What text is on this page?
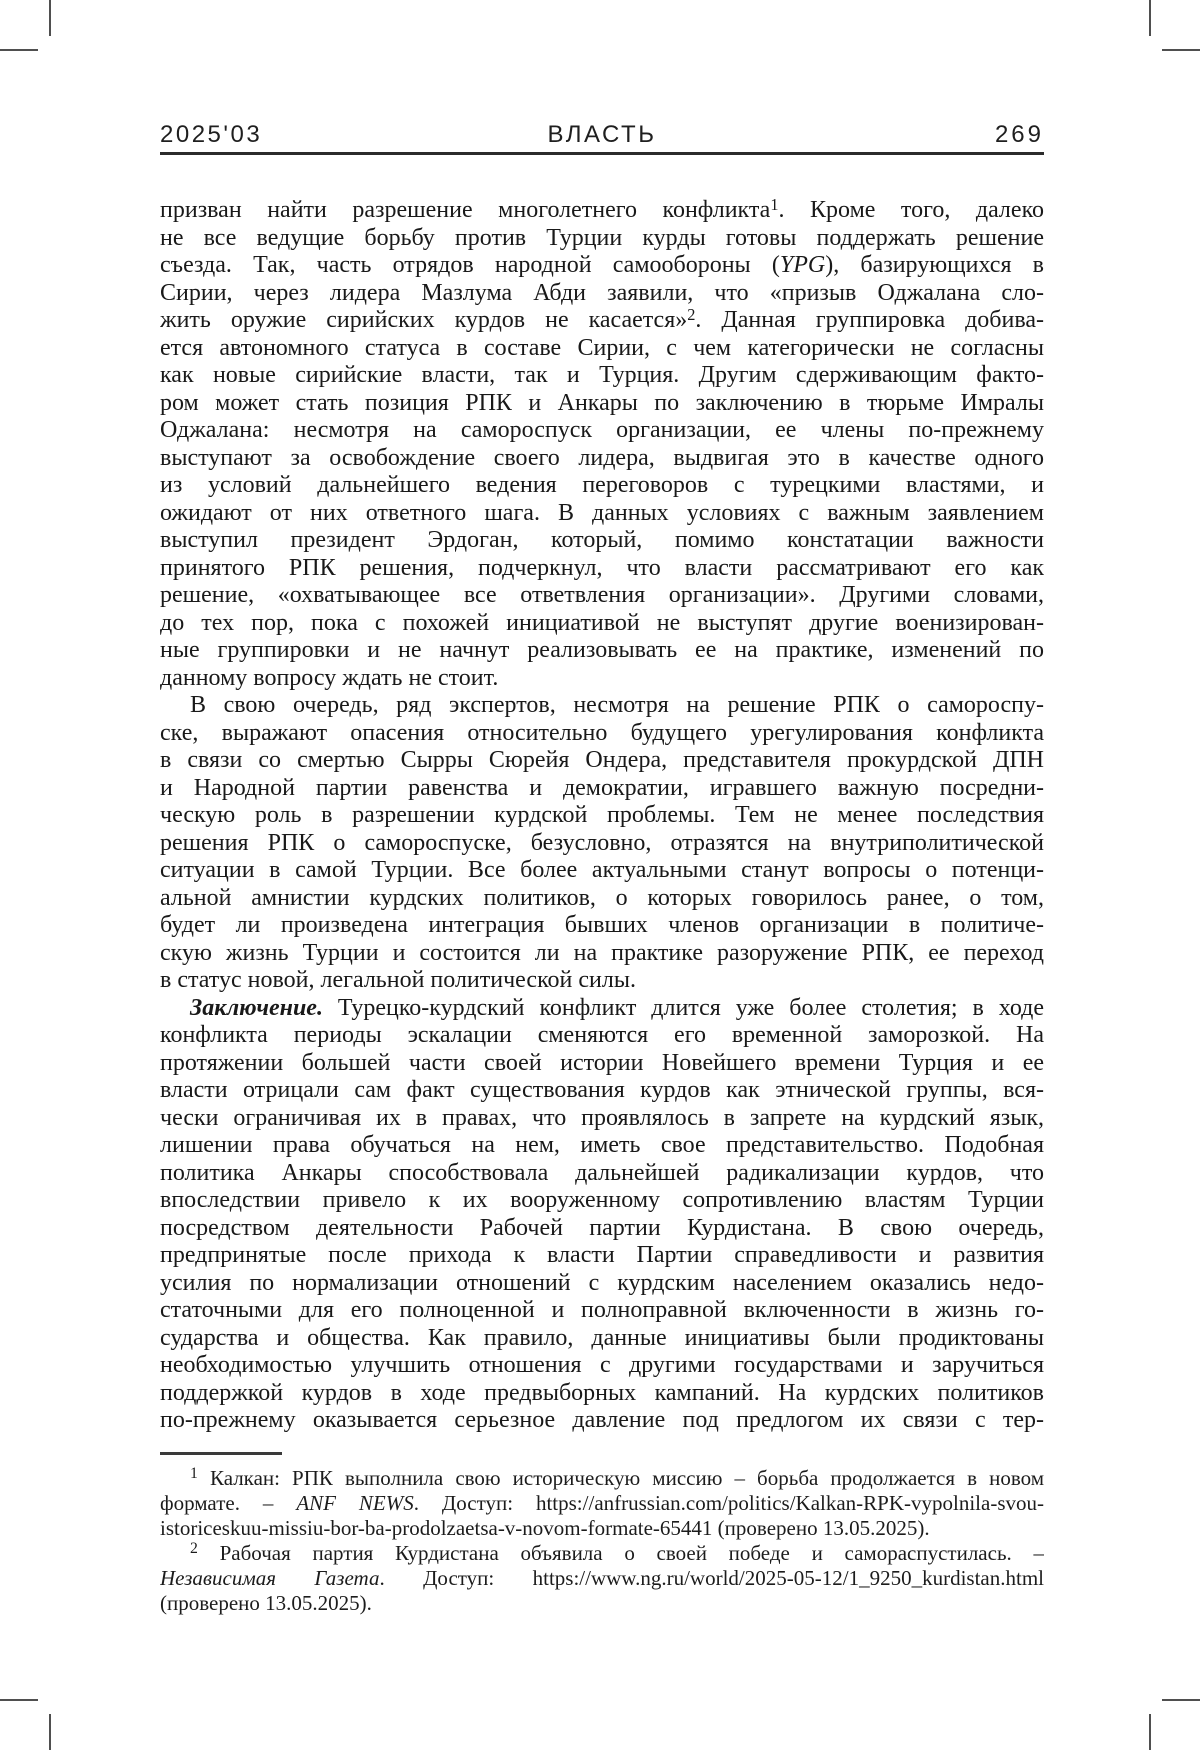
2025'03	ВЛАСТЬ	269
призван найти разрешение многолетнего конфликта$^1$. Кроме того, далеко
не все ведущие борьбу против Турции курды готовы поддержать решение
съезда. Так, часть отрядов народной самообороны (YPG), базирующихся в
Сирии, через лидера Мазлума Абди заявили, что «призыв Оджалана сло-
жить оружие сирийских курдов не касается»$^2$. Данная группировка добива-
ется автономного статуса в составе Сирии, с чем категорически не согласны
как новые сирийские власти, так и Турция. Другим сдерживающим факто-
ром может стать позиция РПК и Анкары по заключению в тюрьме Имралы
Оджалана: несмотря на самороспуск организации, ее члены по-прежнему
выступают за освобождение своего лидера, выдвигая это в качестве одного
из условий дальнейшего ведения переговоров с турецкими властями, и
ожидают от них ответного шага. В данных условиях с важным заявлением
выступил президент Эрдоган, который, помимо констатации важности
принятого РПК решения, подчеркнул, что власти рассматривают его как
решение, «охватывающее все ответвления организации». Другими словами,
до тех пор, пока с похожей инициативой не выступят другие военизирован-
ные группировки и не начнут реализовывать ее на практике, изменений по
данному вопросу ждать не стоит.
В свою очередь, ряд экспертов, несмотря на решение РПК о самороспу-
ске, выражают опасения относительно будущего урегулирования конфликта
в связи со смертью Сырры Сюрейя Ондера, представителя прокурдской ДПН
и Народной партии равенства и демократии, игравшего важную посредни-
ческую роль в разрешении курдской проблемы. Тем не менее последствия
решения РПК о самороспуске, безусловно, отразятся на внутриполитической
ситуации в самой Турции. Все более актуальными станут вопросы о потенци-
альной амнистии курдских политиков, о которых говорилось ранее, о том,
будет ли произведена интеграция бывших членов организации в политиче-
скую жизнь Турции и состоится ли на практике разоружение РПК, ее переход
в статус новой, легальной политической силы.
Заключение. Турецко-курдский конфликт длится уже более столетия; в ходе
конфликта периоды эскалации сменяются его временной заморозкой. На
протяжении большей части своей истории Новейшего времени Турция и ее
власти отрицали сам факт существования курдов как этнической группы, вся-
чески ограничивая их в правах, что проявлялось в запрете на курдский язык,
лишении права обучаться на нем, иметь свое представительство. Подобная
политика Анкары способствовала дальнейшей радикализации курдов, что
впоследствии привело к их вооруженному сопротивлению властям Турции
посредством деятельности Рабочей партии Курдистана. В свою очередь,
предпринятые после прихода к власти Партии справедливости и развития
усилия по нормализации отношений с курдским населением оказались недо-
статочными для его полноценной и полноправной включенности в жизнь го-
сударства и общества. Как правило, данные инициативы были продиктованы
необходимостью улучшить отношения с другими государствами и заручиться
поддержкой курдов в ходе предвыборных кампаний. На курдских политиков
по-прежнему оказывается серьезное давление под предлогом их связи с тер-
$^1$ Калкан: РПК выполнила свою историческую миссию – борьба продолжается в новом
формате. – ANF NEWS. Доступ: https://anfrussian.com/politics/Kalkan-RPK-vypolnila-svou-
istoriceskuu-missiu-bor-ba-prodolzaetsa-v-novom-formate-65441 (проверено 13.05.2025).
$^2$ Рабочая партия Курдистана объявила о своей победе и самораспустилась. –
Независимая Газета. Доступ: https://www.ng.ru/world/2025-05-12/1_9250_kurdistan.html
(проверено 13.05.2025).
